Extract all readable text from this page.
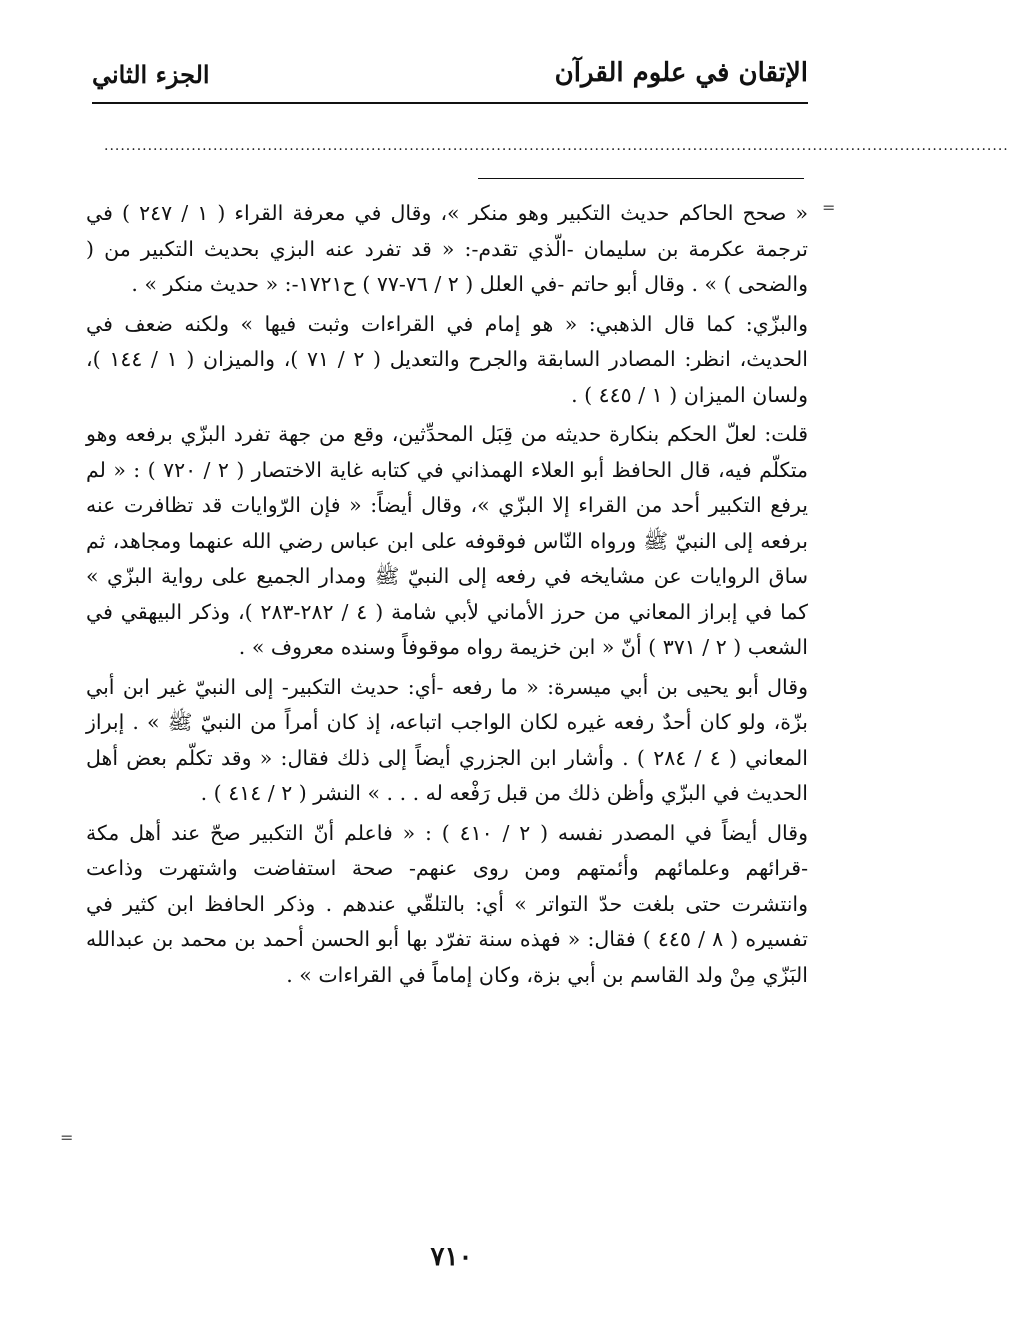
الإتقان في علوم القرآن
الجزء الثاني
......................................................................................................................................................................
=
=

« صحح الحاكم حديث التكبير وهو منكر »، وقال في معرفة القراء ( ١ / ٢٤٧ ) في ترجمة عكرمة بن سليمان -الّذي تقدم-: « قد تفرد عنه البزي بحديث التكبير من ( والضحى ) » . وقال أبو حاتم -في العلل ( ٢ / ٧٦-٧٧ ) ح١٧٢١-: « حديث منكر » .

والبزّي: كما قال الذهبي: « هو إمام في القراءات وثبت فيها » ولكنه ضعف في الحديث، انظر: المصادر السابقة والجرح والتعديل ( ٢ / ٧١ )، والميزان ( ١ / ١٤٤ )، ولسان الميزان ( ١ / ٤٤٥ ) .

قلت: لعلّ الحكم بنكارة حديثه من قِبَل المحدِّثين، وقع من جهة تفرد البزّي برفعه وهو متكلّم فيه، قال الحافظ أبو العلاء الهمذاني في كتابه غاية الاختصار ( ٢ / ٧٢٠ ) : « لم يرفع التكبير أحد من القراء إلا البزّي »، وقال أيضاً: « فإن الرّوايات قد تظافرت عنه برفعه إلى النبيّ ﷺ ورواه النّاس فوقوفه على ابن عباس رضي الله عنهما ومجاهد، ثم ساق الروايات عن مشايخه في رفعه إلى النبيّ ﷺ ومدار الجميع على رواية البزّي » كما في إبراز المعاني من حرز الأماني لأبي شامة ( ٤ / ٢٨٢-٢٨٣ )، وذكر البيهقي في الشعب ( ٢ / ٣٧١ ) أنّ « ابن خزيمة رواه موقوفاً وسنده معروف » .

وقال أبو يحيى بن أبي ميسرة: « ما رفعه -أي: حديث التكبير- إلى النبيّ غير ابن أبي بزّة، ولو كان أحدٌ رفعه غيره لكان الواجب اتباعه، إذ كان أمراً من النبيّ ﷺ » . إبراز المعاني ( ٤ / ٢٨٤ ) . وأشار ابن الجزري أيضاً إلى ذلك فقال: « وقد تكلّم بعض أهل الحديث في البزّي وأظن ذلك من قبل رَفْعه له . . . » النشر ( ٢ / ٤١٤ ) .

وقال أيضاً في المصدر نفسه ( ٢ / ٤١٠ ) : « فاعلم أنّ التكبير صحّ عند أهل مكة -قرائهم وعلمائهم وأئمتهم ومن روى عنهم- صحة استفاضت واشتهرت وذاعت وانتشرت حتى بلغت حدّ التواتر » أي: بالتلقّي عندهم . وذكر الحافظ ابن كثير في تفسيره ( ٨ / ٤٤٥ ) فقال: « فهذه سنة تفرّد بها أبو الحسن أحمد بن محمد بن عبدالله البَزّي مِنْ ولد القاسم بن أبي بزة، وكان إماماً في القراءات » .

٧١٠
